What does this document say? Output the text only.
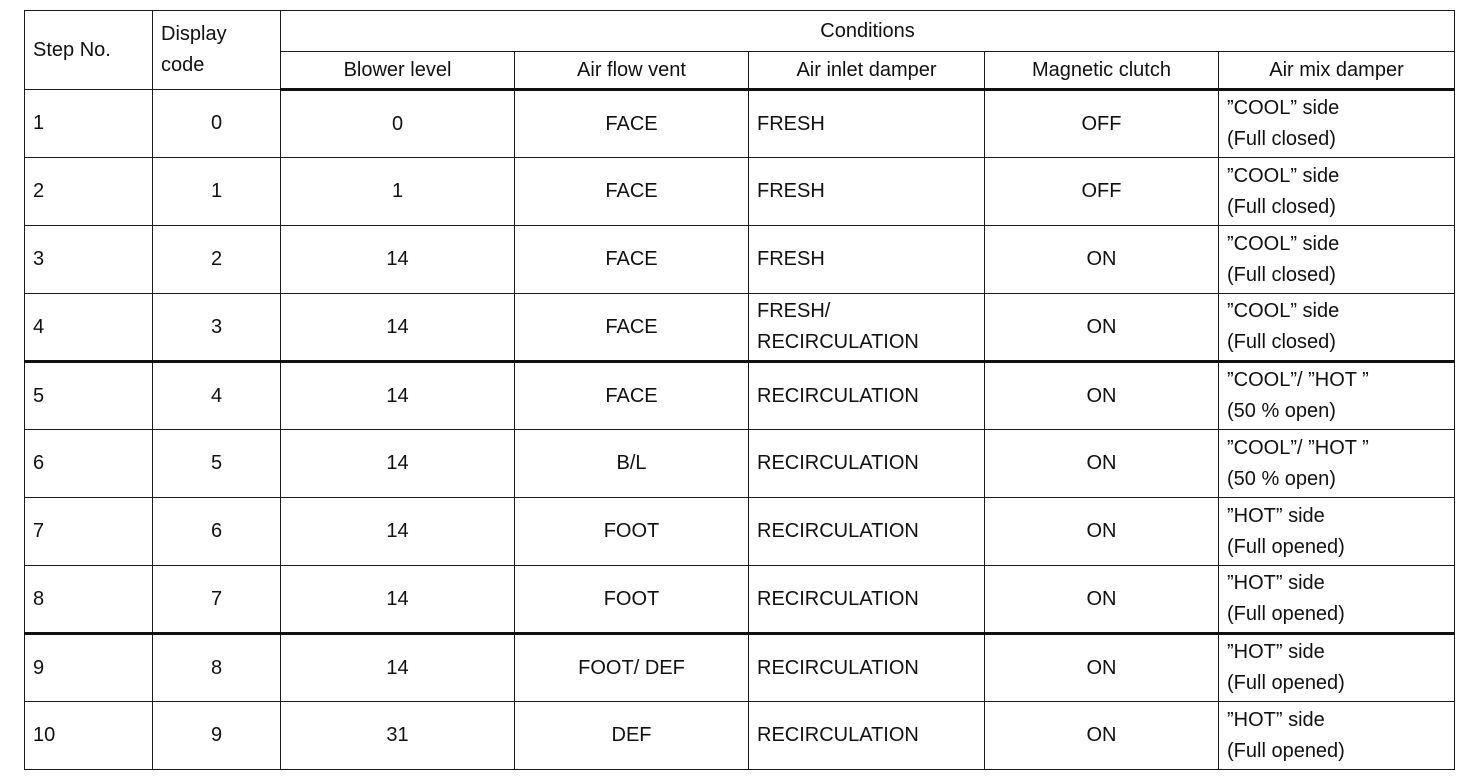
Step No.	Display
code	Conditions				
		Blower level	Air flow vent	Air inlet damper	Magnetic clutch	Air mix damper
1	0	0	FACE	FRESH	OFF	”COOL” side
(Full closed)

2	1	1	FACE	FRESH	OFF	”COOL” side
(Full closed)

3	2	14	FACE	FRESH	ON	”COOL” side
(Full closed)

4	3	14	FACE	FRESH/
RECIRCULATION	ON	”COOL” side
(Full closed)

5	4	14	FACE	RECIRCULATION	ON	”COOL”/ ”HOT ”
(50 % open)

6	5	14	B/L	RECIRCULATION	ON	”COOL”/ ”HOT ”
(50 % open)

7	6	14	FOOT	RECIRCULATION	ON	”HOT” side
(Full opened)

8	7	14	FOOT	RECIRCULATION	ON	”HOT” side
(Full opened)

9	8	14	FOOT/ DEF	RECIRCULATION	ON	”HOT” side
(Full opened)

10	9	31	DEF	RECIRCULATION	ON	”HOT” side
(Full opened)
